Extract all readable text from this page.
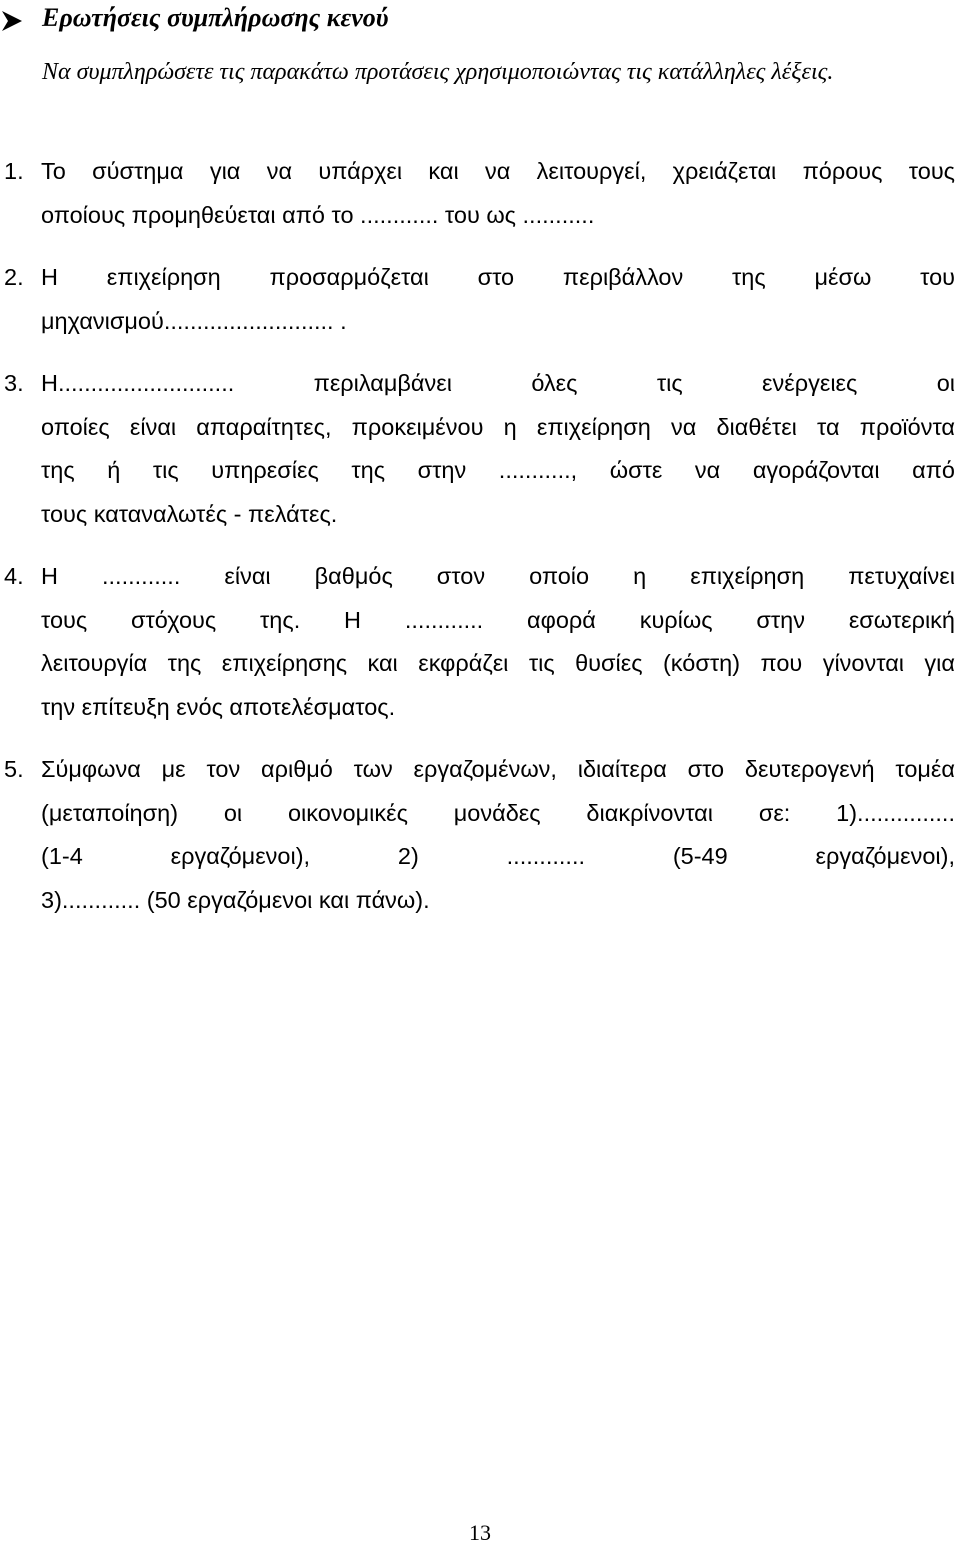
Ερωτήσεις συμπλήρωσης κενού
Να συμπληρώσετε τις παρακάτω προτάσεις χρησιμοποιώντας τις κατάλληλες λέξεις.
1. Το σύστημα για να υπάρχει και να λειτουργεί, χρειάζεται πόρους τους
οποίους προμηθεύεται από το ............ του ως ...........
2. Η επιχείρηση προσαρμόζεται στο περιβάλλον της μέσω του
μηχανισμού.......................... .
3. Η........................... περιλαμβάνει όλες τις ενέργειες οι
οποίες είναι απαραίτητες, προκειμένου η επιχείρηση να διαθέτει τα προϊόντα
της ή τις υπηρεσίες της στην ..........., ώστε να αγοράζονται από
τους καταναλωτές - πελάτες.
4. Η ............ είναι βαθμός στον οποίο η επιχείρηση πετυχαίνει
τους στόχους της. Η ............ αφορά κυρίως στην εσωτερική
λειτουργία της επιχείρησης και εκφράζει τις θυσίες (κόστη) που γίνονται για
την επίτευξη ενός αποτελέσματος.
5. Σύμφωνα με τον αριθμό των εργαζομένων, ιδιαίτερα στο δευτερογενή τομέα
(μεταποίηση) οι οικονομικές μονάδες διακρίνονται σε: 1)...............
(1-4 εργαζόμενοι), 2) ............ (5-49 εργαζόμενοι),
3)............ (50 εργαζόμενοι και πάνω).
13
